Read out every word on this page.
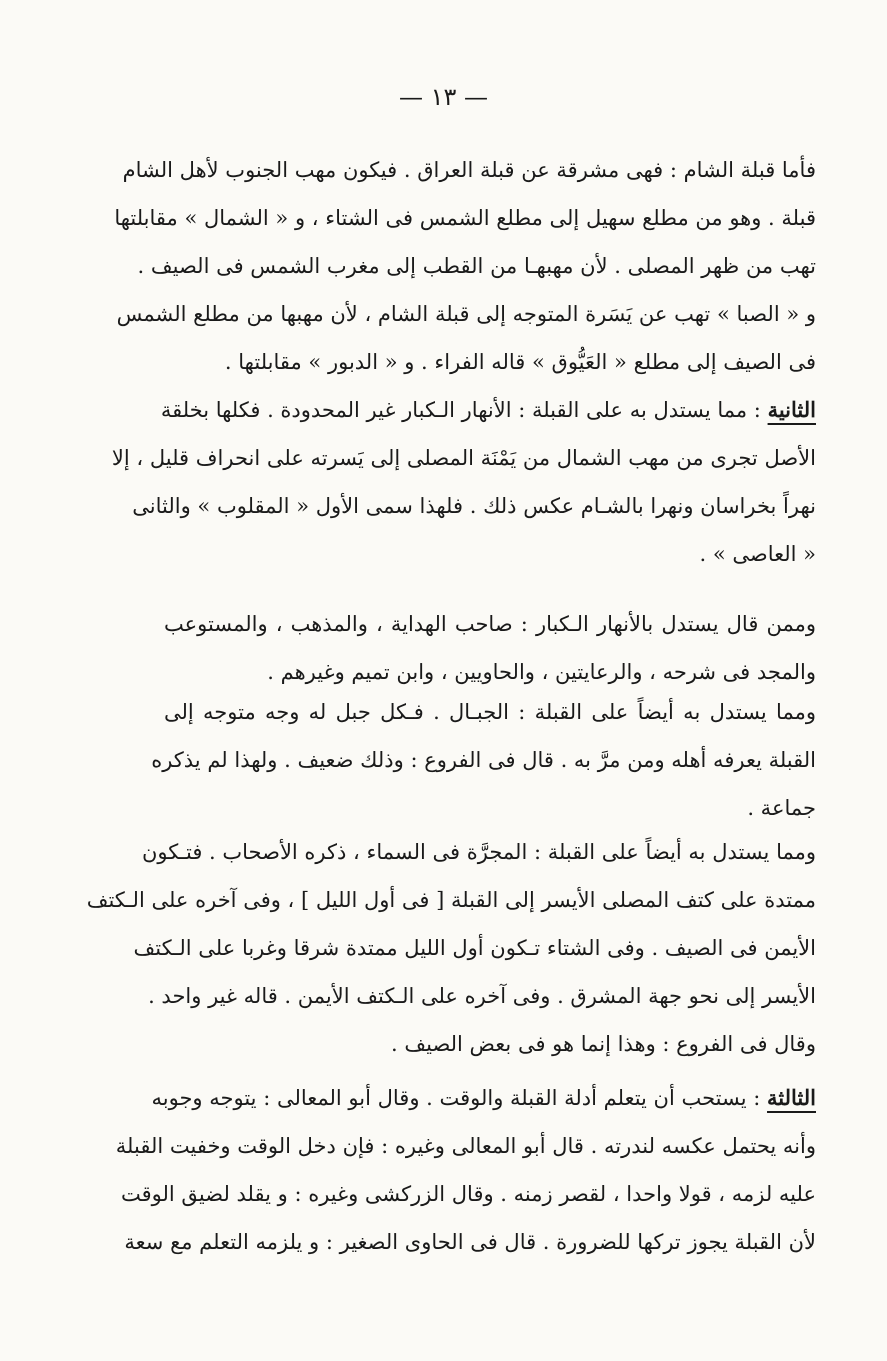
— ١٣ —
فأما قبلة الشام : فهى مشرقة عن قبلة العراق . فيكون مهب الجنوب لأهل الشام
قبلة . وهو من مطلع سهيل إلى مطلع الشمس فى الشتاء ، و « الشمال » مقابلتها
تهب من ظهر المصلى . لأن مهبهـا من القطب إلى مغرب الشمس فى الصيف .
و « الصبا » تهب عن يَسَرة المتوجه إلى قبلة الشام ، لأن مهبها من مطلع الشمس
فى الصيف إلى مطلع « العَيُّوق » قاله الفراء . و « الدبور » مقابلتها .
الثانية : مما يستدل به على القبلة : الأنهار الـكبار غير المحدودة . فكلها بخلقة
الأصل تجرى من مهب الشمال من يَمْنَة المصلى إلى يَسرته على انحراف قليل ، إلا
نهراً بخراسان ونهرا بالشـام عكس ذلك . فلهذا سمى الأول « المقلوب » والثانى
« العاصى » .
وممن قال يستدل بالأنهار الـكبار : صاحب الهداية ، والمذهب ، والمستوعب
والمجد فى شرحه ، والرعايتين ، والحاويين ، وابن تميم وغيرهم .
ومما يستدل به أيضاً على القبلة : الجبـال . فـكل جبل له وجه متوجه إلى
القبلة يعرفه أهله ومن مرَّ به . قال فى الفروع : وذلك ضعيف . ولهذا لم يذكره
جماعة .
ومما يستدل به أيضاً على القبلة : المجرَّة فى السماء ، ذكره الأصحاب . فتـكون
ممتدة على كتف المصلى الأيسر إلى القبلة [ فى أول الليل ] ، وفى آخره على الـكتف
الأيمن فى الصيف . وفى الشتاء تـكون أول الليل ممتدة شرقا وغربا على الـكتف
الأيسر إلى نحو جهة المشرق . وفى آخره على الـكتف الأيمن . قاله غير واحد .
وقال فى الفروع : وهذا إنما هو فى بعض الصيف .
الثالثة : يستحب أن يتعلم أدلة القبلة والوقت . وقال أبو المعالى : يتوجه وجوبه
وأنه يحتمل عكسه لندرته . قال أبو المعالى وغيره : فإن دخل الوقت وخفيت القبلة
عليه لزمه ، قولا واحدا ، لقصر زمنه . وقال الزركشى وغيره : و يقلد لضيق الوقت
لأن القبلة يجوز تركها للضرورة . قال فى الحاوى الصغير : و يلزمه التعلم مع سعة
